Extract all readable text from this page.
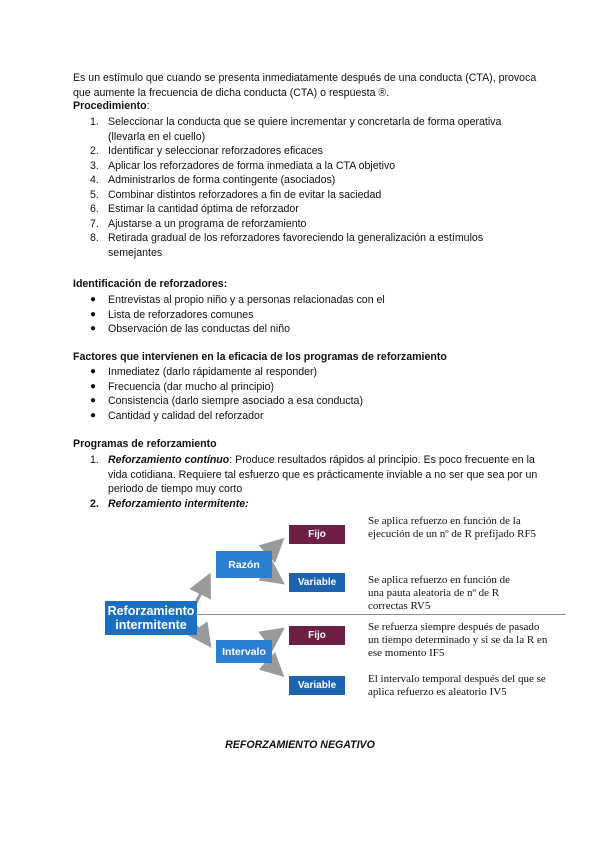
Es un estímulo que cuando se presenta inmediatamente después de una conducta (CTA), provoca que aumente la frecuencia de dicha conducta (CTA) o respuesta ®.
Procedimiento:
1. Seleccionar la conducta que se quiere incrementar y concretarla de forma operativa (llevarla en el cuello)
2. Identificar y seleccionar reforzadores eficaces
3. Aplicar los reforzadores de forma inmediata a la CTA objetivo
4. Administrarlos de forma contingente (asociados)
5. Combinar distintos reforzadores a fin de evitar la saciedad
6. Estimar la cantidad óptima de reforzador
7. Ajustarse a un programa de reforzamiento
8. Retirada gradual de los reforzadores favoreciendo la generalización a estímulos semejantes
Identificación de reforzadores:
● Entrevistas al propio niño y a personas relacionadas con el
● Lista de reforzadores comunes
● Observación de las conductas del niño
Factores que intervienen en la eficacia de los programas de reforzamiento
● Inmediatez (darlo rápidamente al responder)
● Frecuencia (dar mucho al principio)
● Consistencia (darlo siempre asociado a esa conducta)
● Cantidad y calidad del reforzador
Programas de reforzamiento
1. Reforzamiento contínuo: Produce resultados rápidos al principio. Es poco frecuente en la vida cotidiana. Requiere tal esfuerzo que es prácticamente inviable a no ser que sea por un periodo de tiempo muy corto
2. Reforzamiento intermitente:
Reforzamiento intermitente
Razón
Intervalo
Fijo
Variable
Fijo
Variable
Se aplica refuerzo en función de la ejecución de un nº de R prefijado RF5
Se aplica refuerzo en función de una pauta aleatoria de nº de R correctas RV5
Se refuerza siempre después de pasado un tiempo determinado y si se da la R en ese momento IF5
El intervalo temporal después del que se aplica refuerzo es aleatorio IV5
REFORZAMIENTO NEGATIVO
